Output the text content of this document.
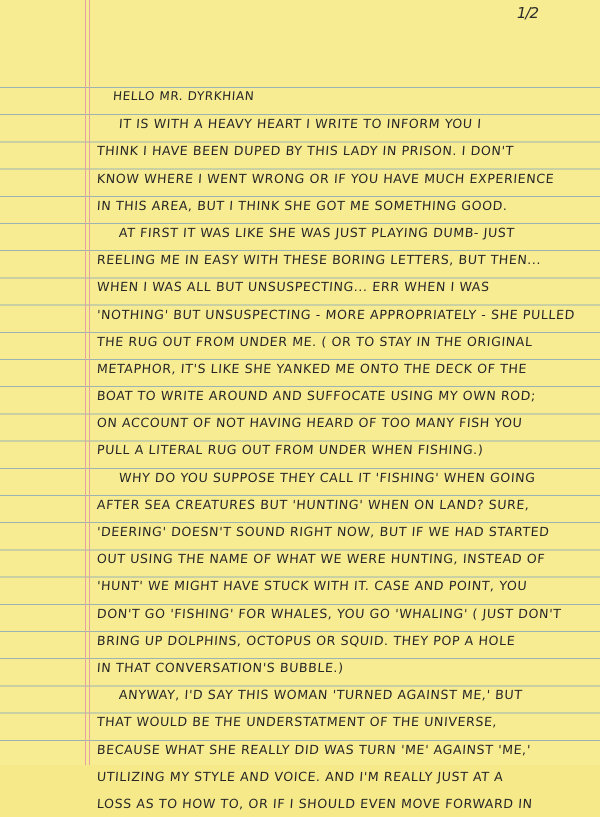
1/2
HELLO MR. DYRKHIAN
IT IS WITH A HEAVY HEART I WRITE TO INFORM YOU I
THINK I HAVE BEEN DUPED BY THIS LADY IN PRISON. I DON'T
KNOW WHERE I WENT WRONG OR IF YOU HAVE MUCH EXPERIENCE
IN THIS AREA, BUT I THINK SHE GOT ME SOMETHING GOOD.
AT FIRST IT WAS LIKE SHE WAS JUST PLAYING DUMB- JUST
REELING ME IN EASY WITH THESE BORING LETTERS, BUT THEN...
WHEN I WAS ALL BUT UNSUSPECTING... ERR WHEN I WAS
'NOTHING' BUT UNSUSPECTING - MORE APPROPRIATELY - SHE PULLED
THE RUG OUT FROM UNDER ME. ( OR TO STAY IN THE ORIGINAL
METAPHOR, IT'S LIKE SHE YANKED ME ONTO THE DECK OF THE
BOAT TO WRITE AROUND AND SUFFOCATE USING MY OWN ROD;
ON ACCOUNT OF NOT HAVING HEARD OF TOO MANY FISH YOU
PULL A LITERAL RUG OUT FROM UNDER WHEN FISHING.)
WHY DO YOU SUPPOSE THEY CALL IT 'FISHING' WHEN GOING
AFTER SEA CREATURES BUT 'HUNTING' WHEN ON LAND? SURE,
'DEERING' DOESN'T SOUND RIGHT NOW, BUT IF WE HAD STARTED
OUT USING THE NAME OF WHAT WE WERE HUNTING, INSTEAD OF
'HUNT' WE MIGHT HAVE STUCK WITH IT. CASE AND POINT, YOU
DON'T GO 'FISHING' FOR WHALES, YOU GO 'WHALING' ( JUST DON'T
BRING UP DOLPHINS, OCTOPUS OR SQUID. THEY POP A HOLE
IN THAT CONVERSATION'S BUBBLE.)
ANYWAY, I'D SAY THIS WOMAN 'TURNED AGAINST ME,' BUT
THAT WOULD BE THE UNDERSTATMENT OF THE UNIVERSE,
BECAUSE WHAT SHE REALLY DID WAS TURN 'ME' AGAINST 'ME,'
UTILIZING MY STYLE AND VOICE. AND I'M REALLY JUST AT A
LOSS AS TO HOW TO, OR IF I SHOULD EVEN MOVE FORWARD IN
